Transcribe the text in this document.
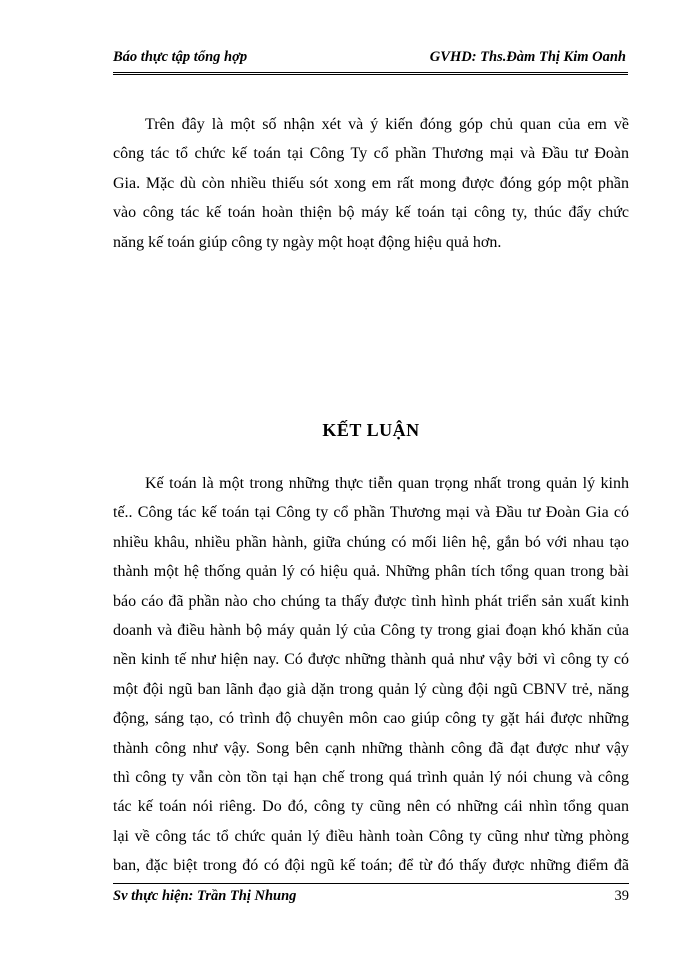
Báo thực tập tổng hợp	GVHD: Ths.Đàm Thị Kim Oanh
Trên đây là một số nhận xét và ý kiến đóng góp chủ quan của em về
công tác tổ chức kế toán tại Công Ty cổ phần Thương mại và Đầu tư Đoàn
Gia. Mặc dù còn nhiều thiếu sót xong em rất mong được đóng góp một phần
vào công tác kế toán hoàn thiện bộ máy kế toán tại công ty, thúc đẩy chức
năng kế toán giúp công ty ngày một hoạt động hiệu quả hơn.
KẾT LUẬN
Kế toán là một trong những thực tiễn quan trọng nhất trong quản lý kinh
tế.. Công tác kế toán tại Công ty cổ phần Thương mại và Đầu tư Đoàn Gia có
nhiều khâu, nhiều phần hành, giữa chúng có mối liên hệ, gắn bó với nhau tạo
thành một hệ thống quản lý có hiệu quả. Những phân tích tổng quan trong bài
báo cáo đã phần nào cho chúng ta thấy được tình hình phát triển sản xuất kinh
doanh và điều hành bộ máy quản lý của Công ty trong giai đoạn khó khăn của
nền kinh tế như hiện nay. Có được những thành quả như vậy bởi vì công ty có
một đội ngũ ban lãnh đạo già dặn trong quản lý cùng đội ngũ CBNV trẻ, năng
động, sáng tạo, có trình độ chuyên môn cao giúp công ty gặt hái được những
thành công như vậy. Song bên cạnh những thành công đã đạt được như vậy
thì công ty vẫn còn tồn tại hạn chế trong quá trình quản lý nói chung và công
tác kế toán nói riêng. Do đó, công ty cũng nên có những cái nhìn tổng quan
lại về công tác tổ chức quản lý điều hành toàn Công ty cũng như từng phòng
ban, đặc biệt trong đó có đội ngũ kế toán; để từ đó thấy được những điểm đã
Sv thực hiện: Trần Thị Nhung	39
